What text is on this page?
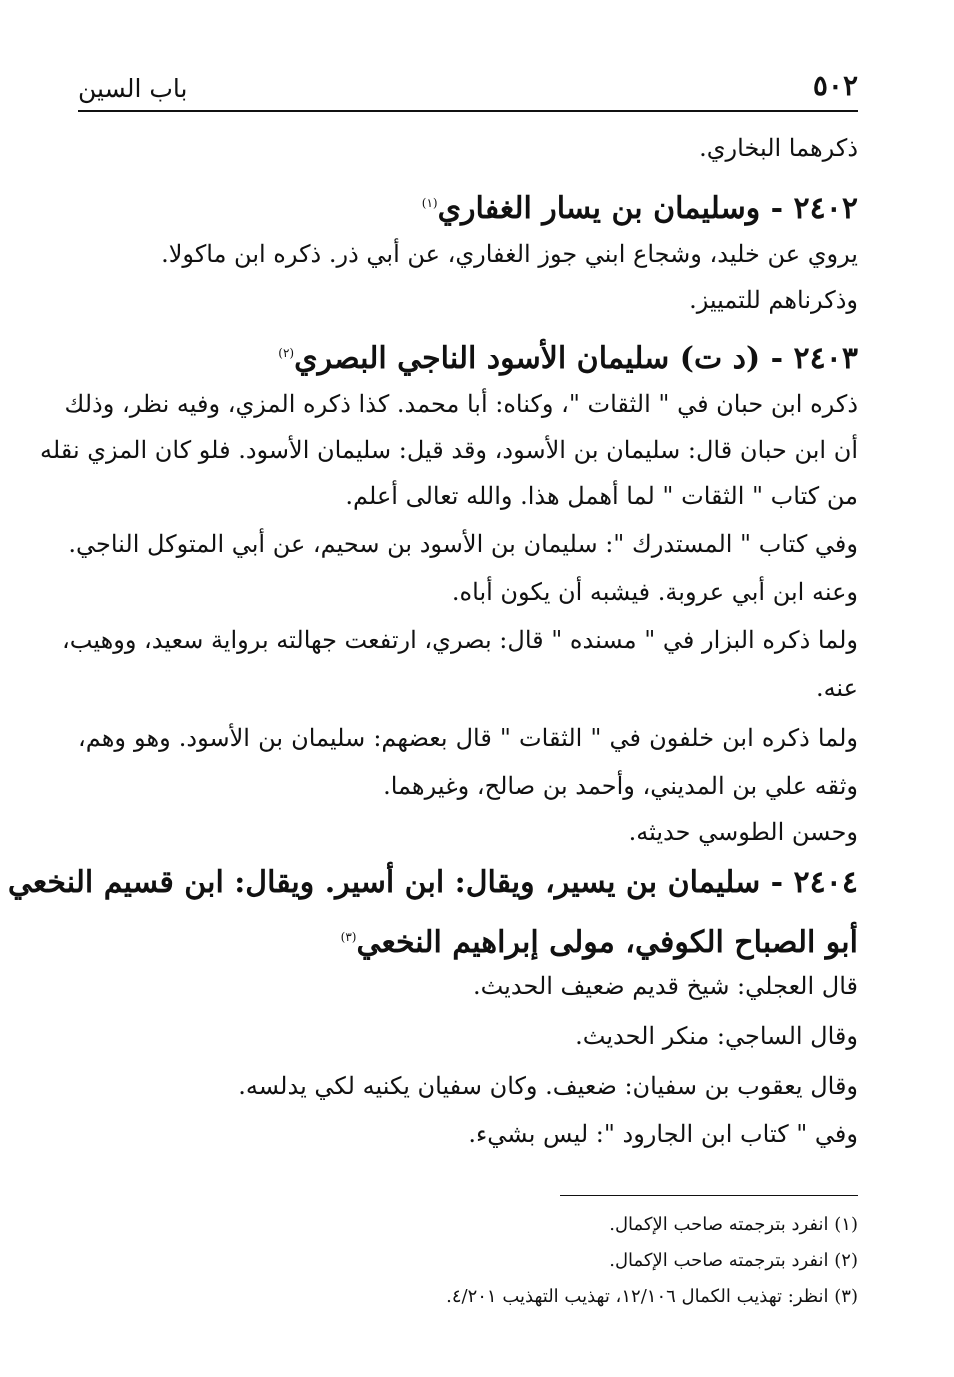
٥٠٢
باب السين
ذكرهما البخاري.
٢٤٠٢ - وسليمان بن يسار الغفاري$^{(١)}$
يروي عن خليد، وشجاع ابني جوز الغفاري، عن أبي ذر. ذكره ابن ماكولا.
وذكرناهم للتمييز.
٢٤٠٣ - (د ت) سليمان الأسود الناجي البصري$^{(٢)}$
ذكره ابن حبان في " الثقات "، وكناه: أبا محمد. كذا ذكره المزي، وفيه نظر، وذلك
أن ابن حبان قال: سليمان بن الأسود، وقد قيل: سليمان الأسود. فلو كان المزي نقله
من كتاب " الثقات " لما أهمل هذا. والله تعالى أعلم.
وفي كتاب " المستدرك ": سليمان بن الأسود بن سحيم، عن أبي المتوكل الناجي.
وعنه ابن أبي عروبة. فيشبه أن يكون أباه.
ولما ذكره البزار في " مسنده " قال: بصري، ارتفعت جهالته برواية سعيد، ووهيب،
عنه.
ولما ذكره ابن خلفون في " الثقات " قال بعضهم: سليمان بن الأسود. وهو وهم،
وثقه علي بن المديني، وأحمد بن صالح، وغيرهما.
وحسن الطوسي حديثه.
٢٤٠٤ - سليمان بن يسير، ويقال: ابن أسير. ويقال: ابن قسيم النخعي
أبو الصباح الكوفي، مولى إبراهيم النخعي$^{(٣)}$
قال العجلي: شيخ قديم ضعيف الحديث.
وقال الساجي: منكر الحديث.
وقال يعقوب بن سفيان: ضعيف. وكان سفيان يكنيه لكي يدلسه.
وفي " كتاب ابن الجارود ": ليس بشيء.
(١) انفرد بترجمته صاحب الإكمال.
(٢) انفرد بترجمته صاحب الإكمال.
(٣) انظر: تهذيب الكمال ١٢/١٠٦، تهذيب التهذيب ٤/٢٠١.
